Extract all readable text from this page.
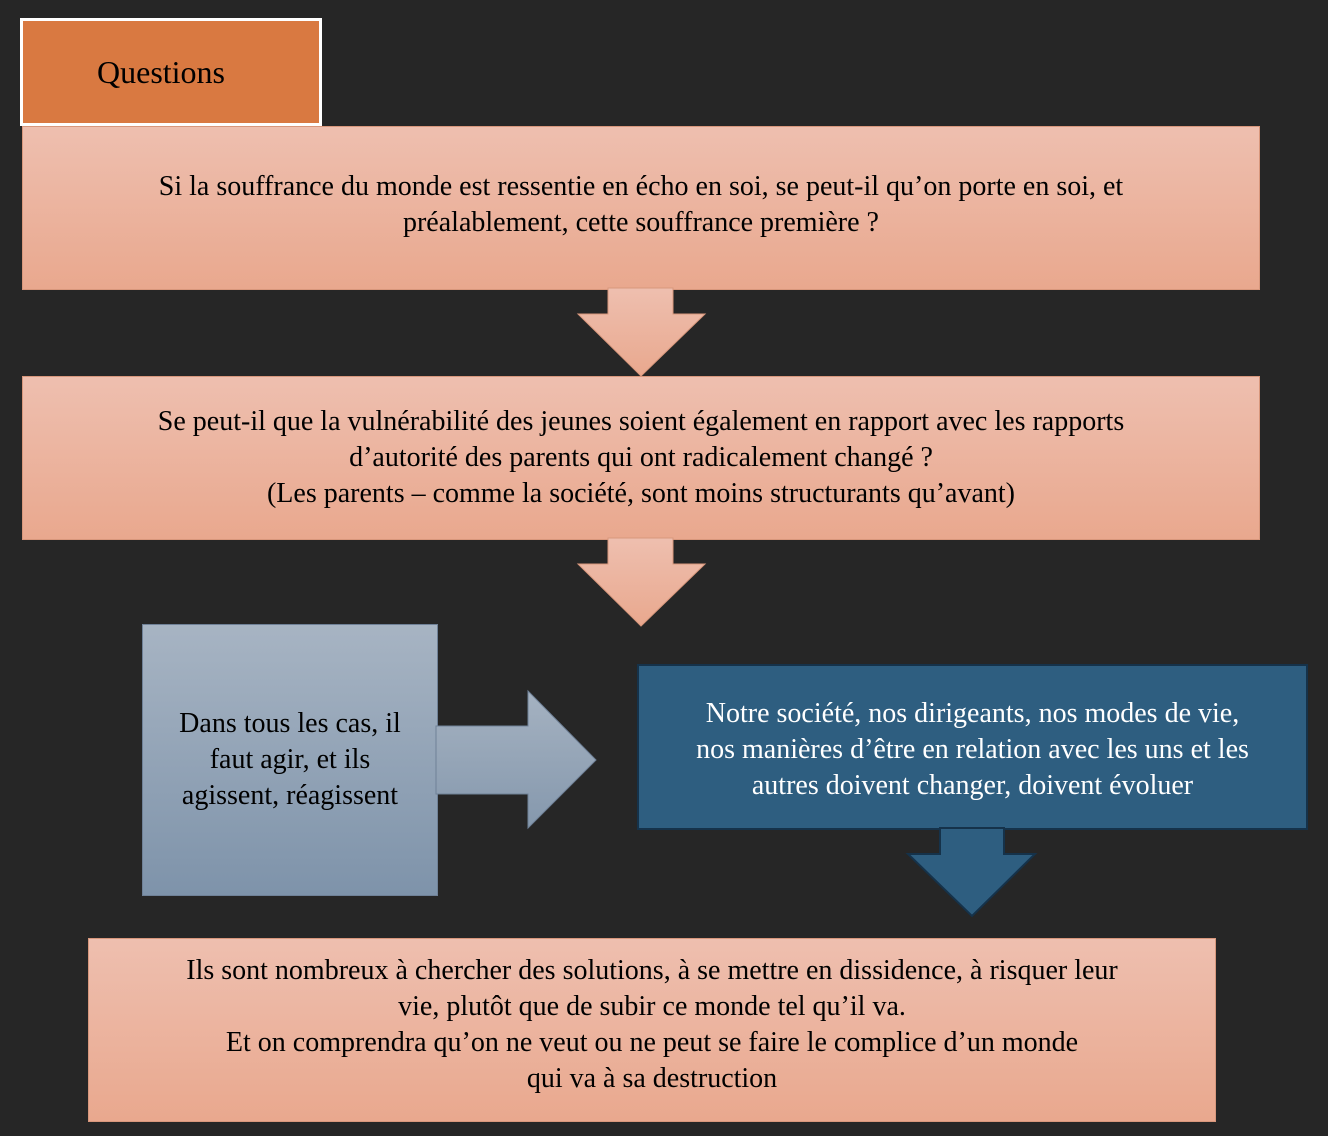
Questions
Si la souffrance du monde est ressentie en écho en soi, se peut-il qu’on porte en soi, et
préalablement, cette souffrance première ?
Se peut-il que la vulnérabilité des jeunes soient également en rapport avec les rapports
d’autorité des parents qui ont radicalement changé ?
(Les parents – comme la société, sont moins structurants qu’avant)
Dans tous les cas, il
faut agir, et ils
agissent, réagissent
Notre société, nos dirigeants, nos modes de vie,
nos manières d’être en relation avec les uns et les
autres doivent changer, doivent évoluer
Ils sont nombreux à chercher des solutions, à se mettre en dissidence, à risquer leur
vie, plutôt que de subir ce monde tel qu’il va.
Et on comprendra qu’on ne veut ou ne peut se faire le complice d’un monde
qui va à sa destruction
